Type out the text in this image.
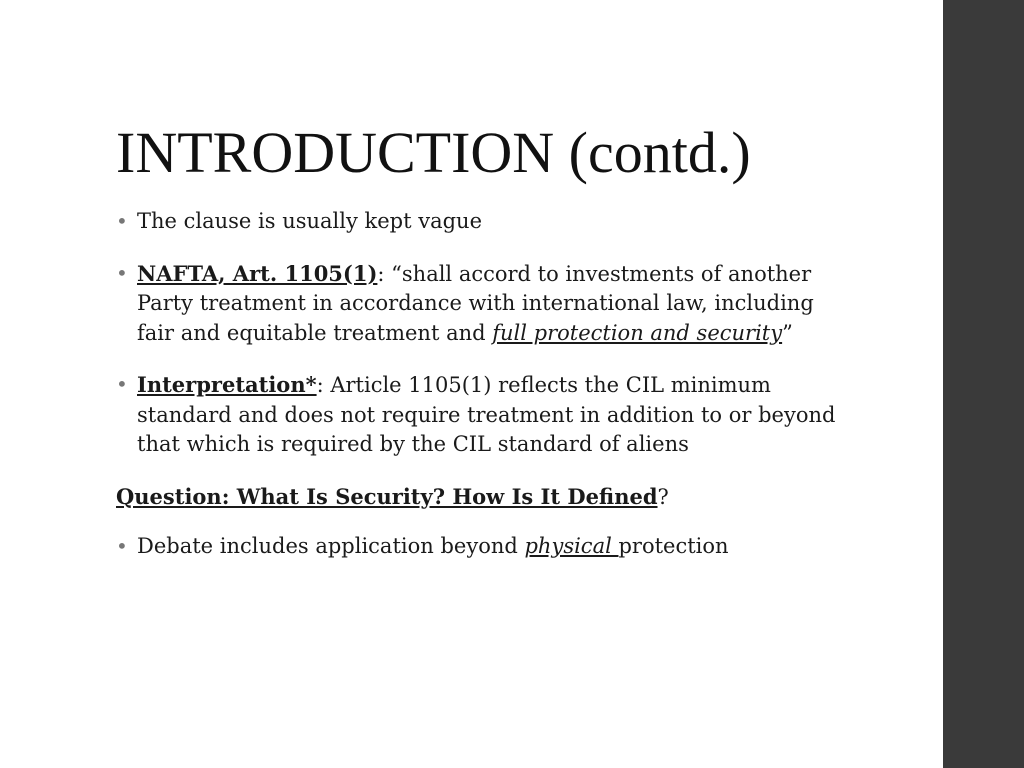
INTRODUCTION (contd.)
• The clause is usually kept vague
• NAFTA, Art. 1105(1): “shall accord to investments of another Party treatment in accordance with international law, including fair and equitable treatment and full protection and security”
• Interpretation*: Article 1105(1) reflects the CIL minimum standard and does not require treatment in addition to or beyond that which is required by the CIL standard of aliens
Question: What Is Security? How Is It Defined?
• Debate includes application beyond physical protection
